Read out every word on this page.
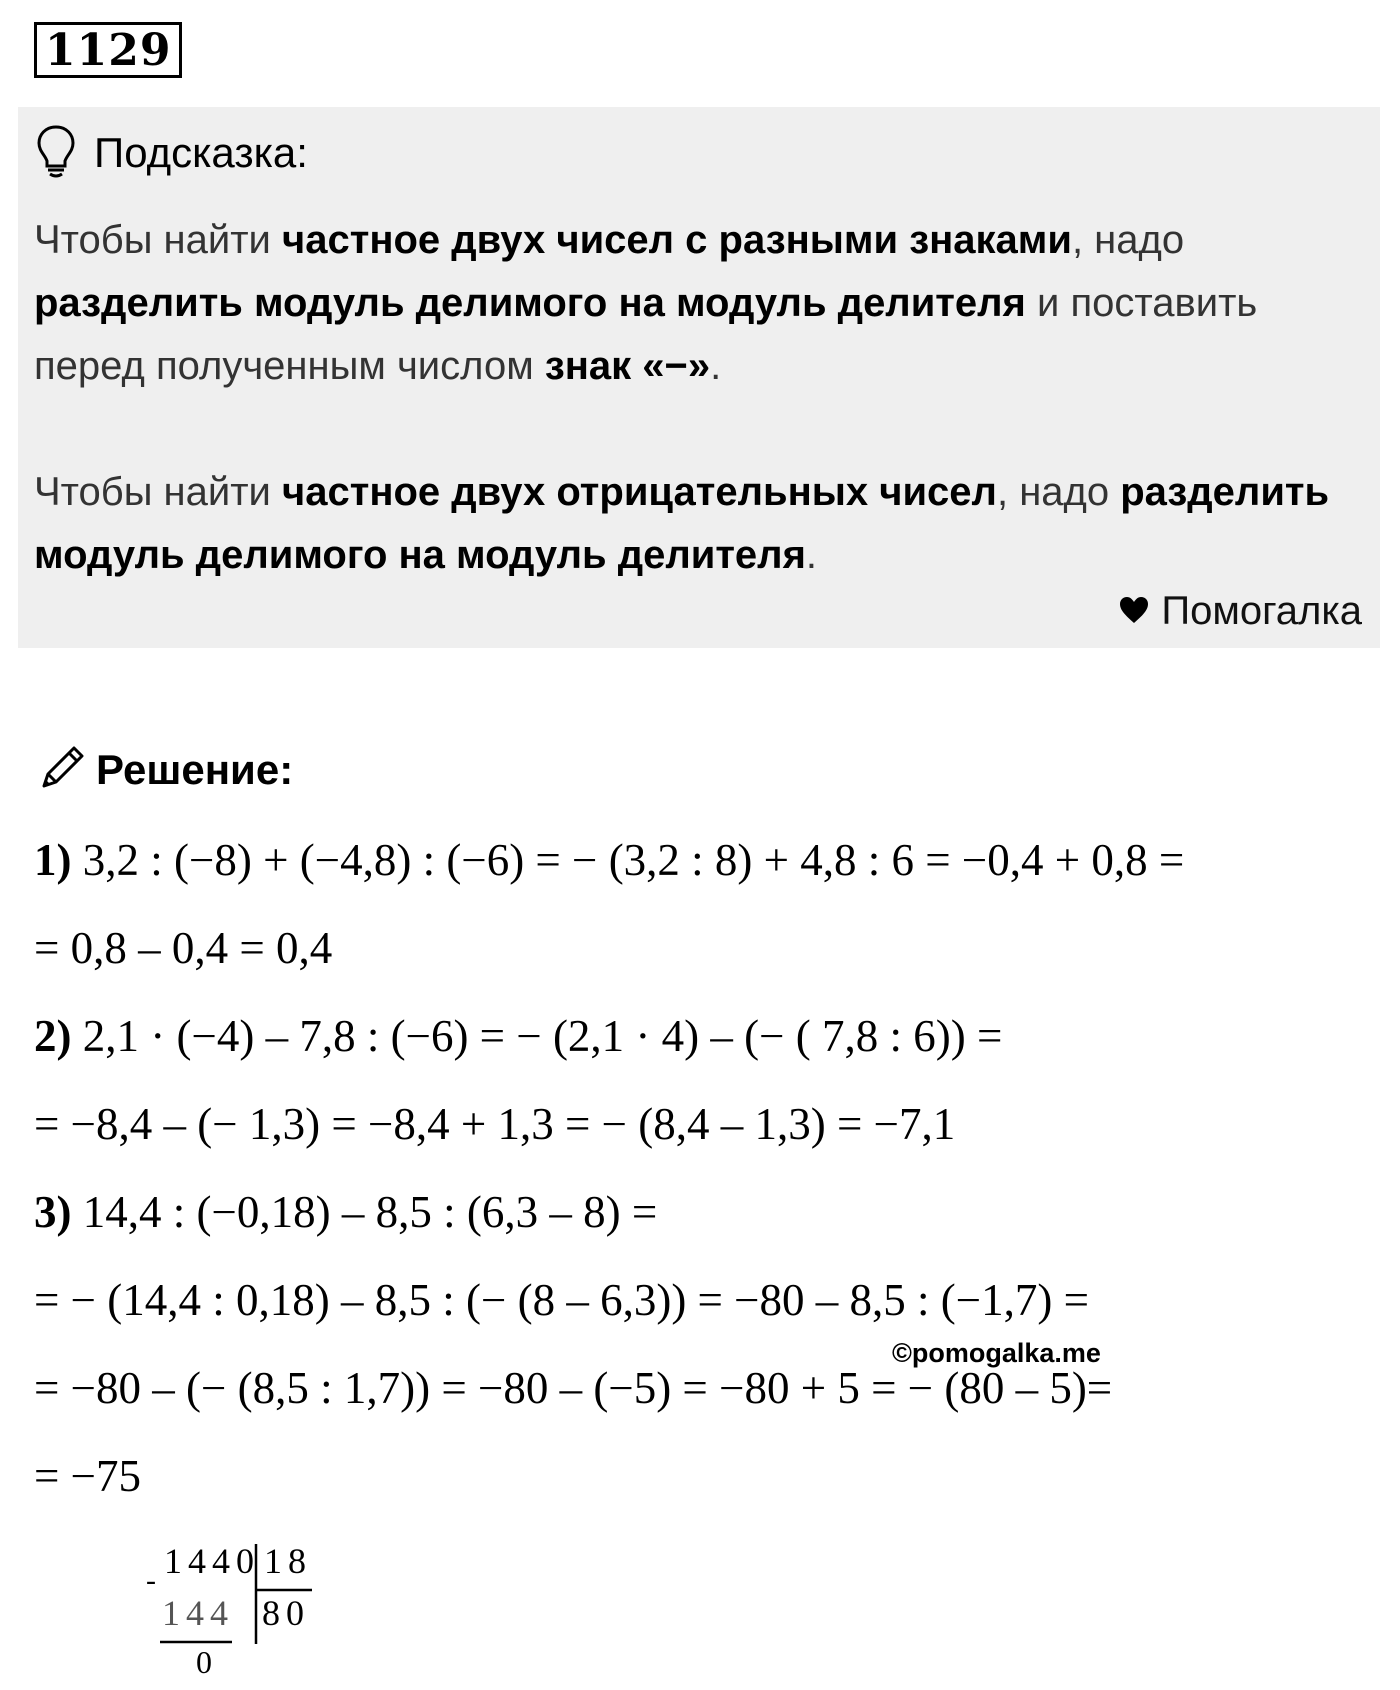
1129
Подсказка:

Чтобы найти частное двух чисел с разными знаками, надо разделить модуль делимого на модуль делителя и поставить перед полученным числом знак «−».

Чтобы найти частное двух отрицательных чисел, надо разделить модуль делимого на модуль делителя.

Помогалка
Решение:
1) 3,2 : (−8) + (−4,8) : (−6) = − (3,2 : 8) + 4,8 : 6 = −0,4 + 0,8 =
= 0,8 – 0,4 = 0,4
2) 2,1 · (−4) – 7,8 : (−6) = − (2,1 · 4) – (− ( 7,8 : 6)) =
= −8,4 – (− 1,3) = −8,4 + 1,3 = − (8,4 – 1,3) = −7,1
3) 14,4 : (−0,18) – 8,5 : (6,3 – 8) =
= − (14,4 : 0,18) – 8,5 : (− (8 – 6,3)) = −80 – 8,5 : (−1,7) =
= −80 – (− (8,5 : 1,7)) = −80 – (−5) = −80 + 5 = − (80 – 5)=
= −75
©pomogalka.me
1440 18
-
144 80
0
